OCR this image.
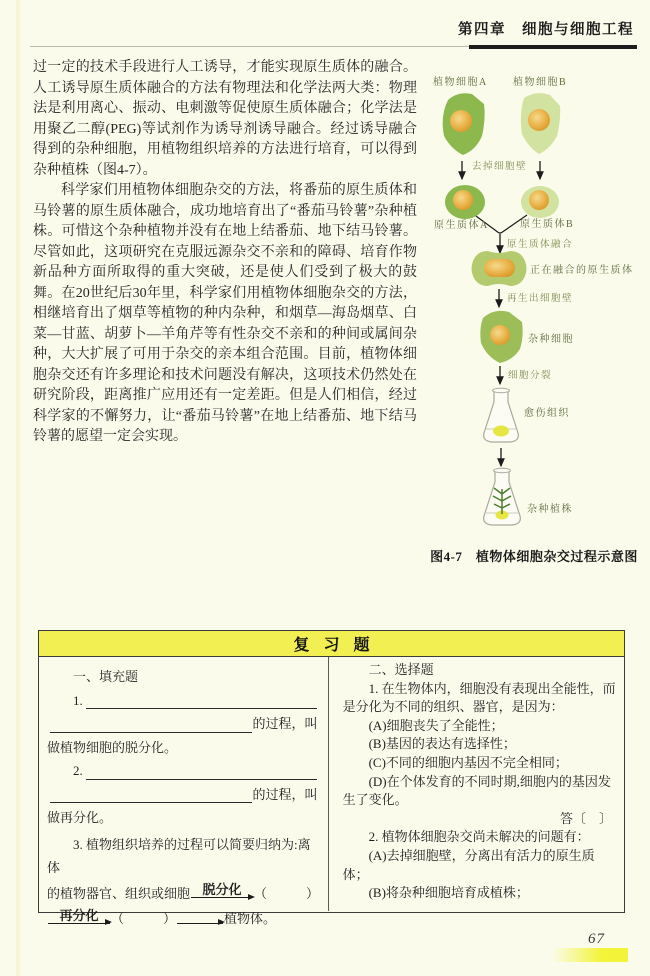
第四章　细胞与细胞工程

过一定的技术手段进行人工诱导，才能实现原生质体的融合。人工诱导原生质体融合的方法有物理法和化学法两大类：物理法是利用离心、振动、电刺激等促使原生质体融合；化学法是用聚乙二醇(PEG)等试剂作为诱导剂诱导融合。经过诱导融合得到的杂种细胞，用植物组织培养的方法进行培育，可以得到杂种植株（图4-7）。

科学家们用植物体细胞杂交的方法，将番茄的原生质体和马铃薯的原生质体融合，成功地培育出了“番茄马铃薯”杂种植株。可惜这个杂种植物并没有在地上结番茄、地下结马铃薯。尽管如此，这项研究在克服远源杂交不亲和的障碍、培育作物新品种方面所取得的重大突破，还是使人们受到了极大的鼓舞。在20世纪后30年里，科学家们用植物体细胞杂交的方法，相继培育出了烟草等植物的种内杂种，和烟草—海岛烟草、白菜—甘蓝、胡萝卜—羊角芹等有性杂交不亲和的种间或属间杂种，大大扩展了可用于杂交的亲本组合范围。目前，植物体细胞杂交还有许多理论和技术问题没有解决，这项技术仍然处在研究阶段，距离推广应用还有一定差距。但是人们相信，经过科学家的不懈努力，让“番茄马铃薯”在地上结番茄、地下结马铃薯的愿望一定会实现。

植物细胞A	植物细胞B
去掉细胞壁
原生质体A	原生质体B
原生质体融合
正在融合的原生质体
再生出细胞壁
杂种细胞
细胞分裂
愈伤组织
杂种植株
图4-7　植物体细胞杂交过程示意图
复习题
一、填充题
1.
的过程，叫
做植物细胞的脱分化。
2.
的过程，叫
做再分化。
3. 植物组织培养的过程可以简要归纳为:离体
的植物器官、组织或细胞 脱分化 （　　　）
再分化 （　　　）
	植物体。
二、选择题

1. 在生物体内，细胞没有表现出全能性，而是分化为不同的组织、器官，是因为：

(A)细胞丧失了全能性；

(B)基因的表达有选择性；

(C)不同的细胞内基因不完全相同；

(D)在个体发育的不同时期,细胞内的基因发生了变化。

答〔　〕

2. 植物体细胞杂交尚未解决的问题有：

(A)去掉细胞壁，分离出有活力的原生质体；

(B)将杂种细胞培育成植株；

67
